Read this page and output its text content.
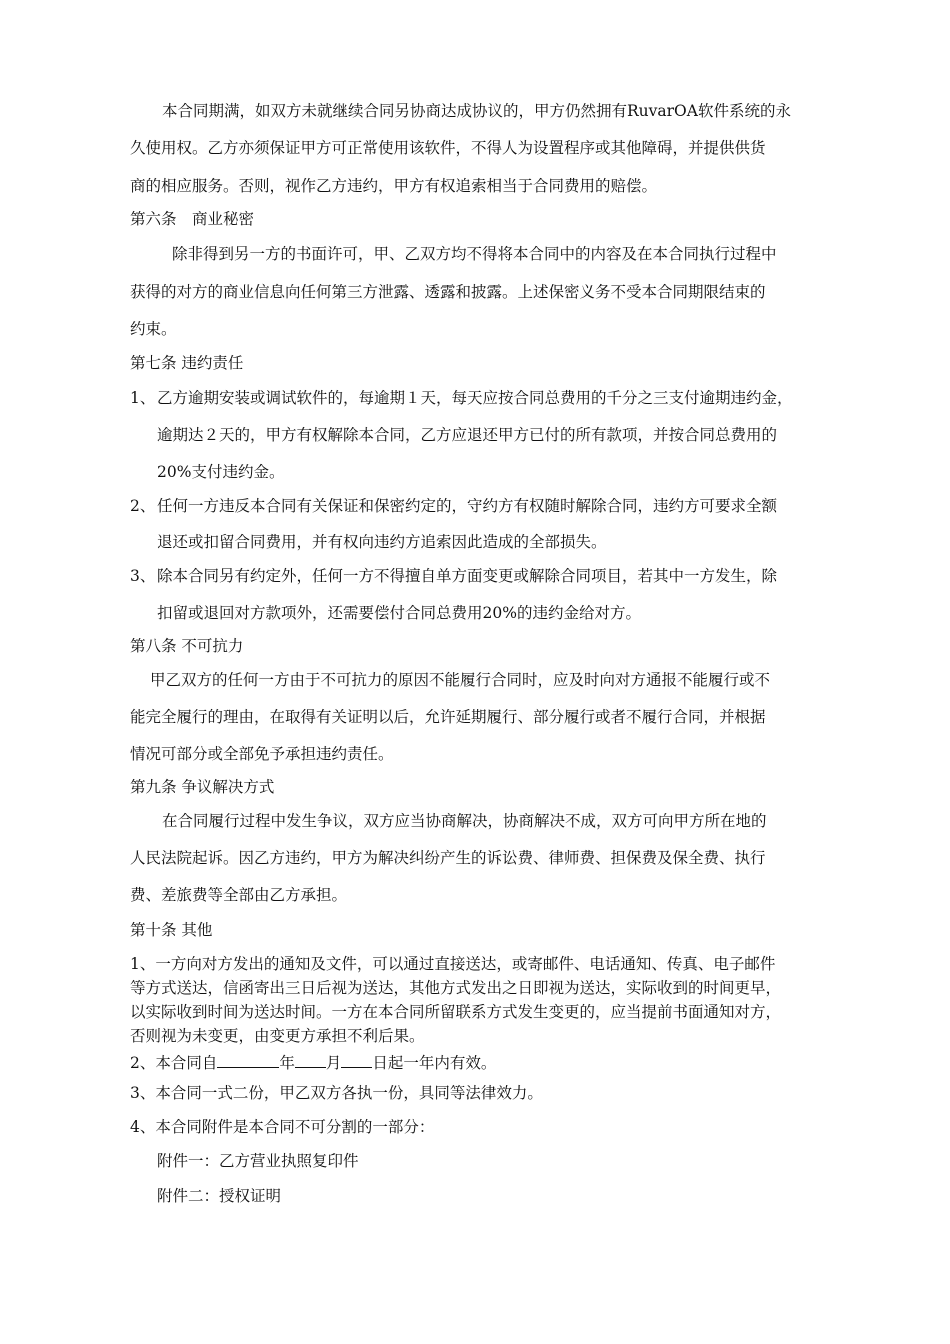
本合同期满，如双方未就继续合同另协商达成协议的，甲方仍然拥有RuvarOA软件系统的永
久使用权。乙方亦须保证甲方可正常使用该软件，不得人为设置程序或其他障碍，并提供供货
商的相应服务。否则，视作乙方违约，甲方有权追索相当于合同费用的赔偿。
第六条　商业秘密
除非得到另一方的书面许可，甲、乙双方均不得将本合同中的内容及在本合同执行过程中
获得的对方的商业信息向任何第三方泄露、透露和披露。上述保密义务不受本合同期限结束的
约束。
第七条 违约责任
1、 乙方逾期安装或调试软件的，每逾期１天，每天应按合同总费用的千分之三支付逾期违约金，
逾期达２天的，甲方有权解除本合同，乙方应退还甲方已付的所有款项，并按合同总费用的
20%支付违约金。
2、 任何一方违反本合同有关保证和保密约定的，守约方有权随时解除合同，违约方可要求全额
退还或扣留合同费用，并有权向违约方追索因此造成的全部损失。
3、 除本合同另有约定外，任何一方不得擅自单方面变更或解除合同项目，若其中一方发生，除
扣留或退回对方款项外，还需要偿付合同总费用20%的违约金给对方。
第八条 不可抗力
甲乙双方的任何一方由于不可抗力的原因不能履行合同时，应及时向对方通报不能履行或不
能完全履行的理由，在取得有关证明以后，允许延期履行、部分履行或者不履行合同，并根据
情况可部分或全部免予承担违约责任。
第九条 争议解决方式
在合同履行过程中发生争议，双方应当协商解决，协商解决不成，双方可向甲方所在地的
人民法院起诉。因乙方违约，甲方为解决纠纷产生的诉讼费、律师费、担保费及保全费、执行
费、差旅费等全部由乙方承担。
第十条 其他
1、一方向对方发出的通知及文件，可以通过直接送达，或寄邮件、电话通知、传真、电子邮件
等方式送达，信函寄出三日后视为送达，其他方式发出之日即视为送达，实际收到的时间更早，
以实际收到时间为送达时间。一方在本合同所留联系方式发生变更的，应当提前书面通知对方，
否则视为未变更，由变更方承担不利后果。
2、本合同自	年 月 日起一年内有效。
3、本合同一式二份，甲乙双方各执一份，具同等法律效力。
4、本合同附件是本合同不可分割的一部分：
附件一：乙方营业执照复印件
附件二：授权证明
